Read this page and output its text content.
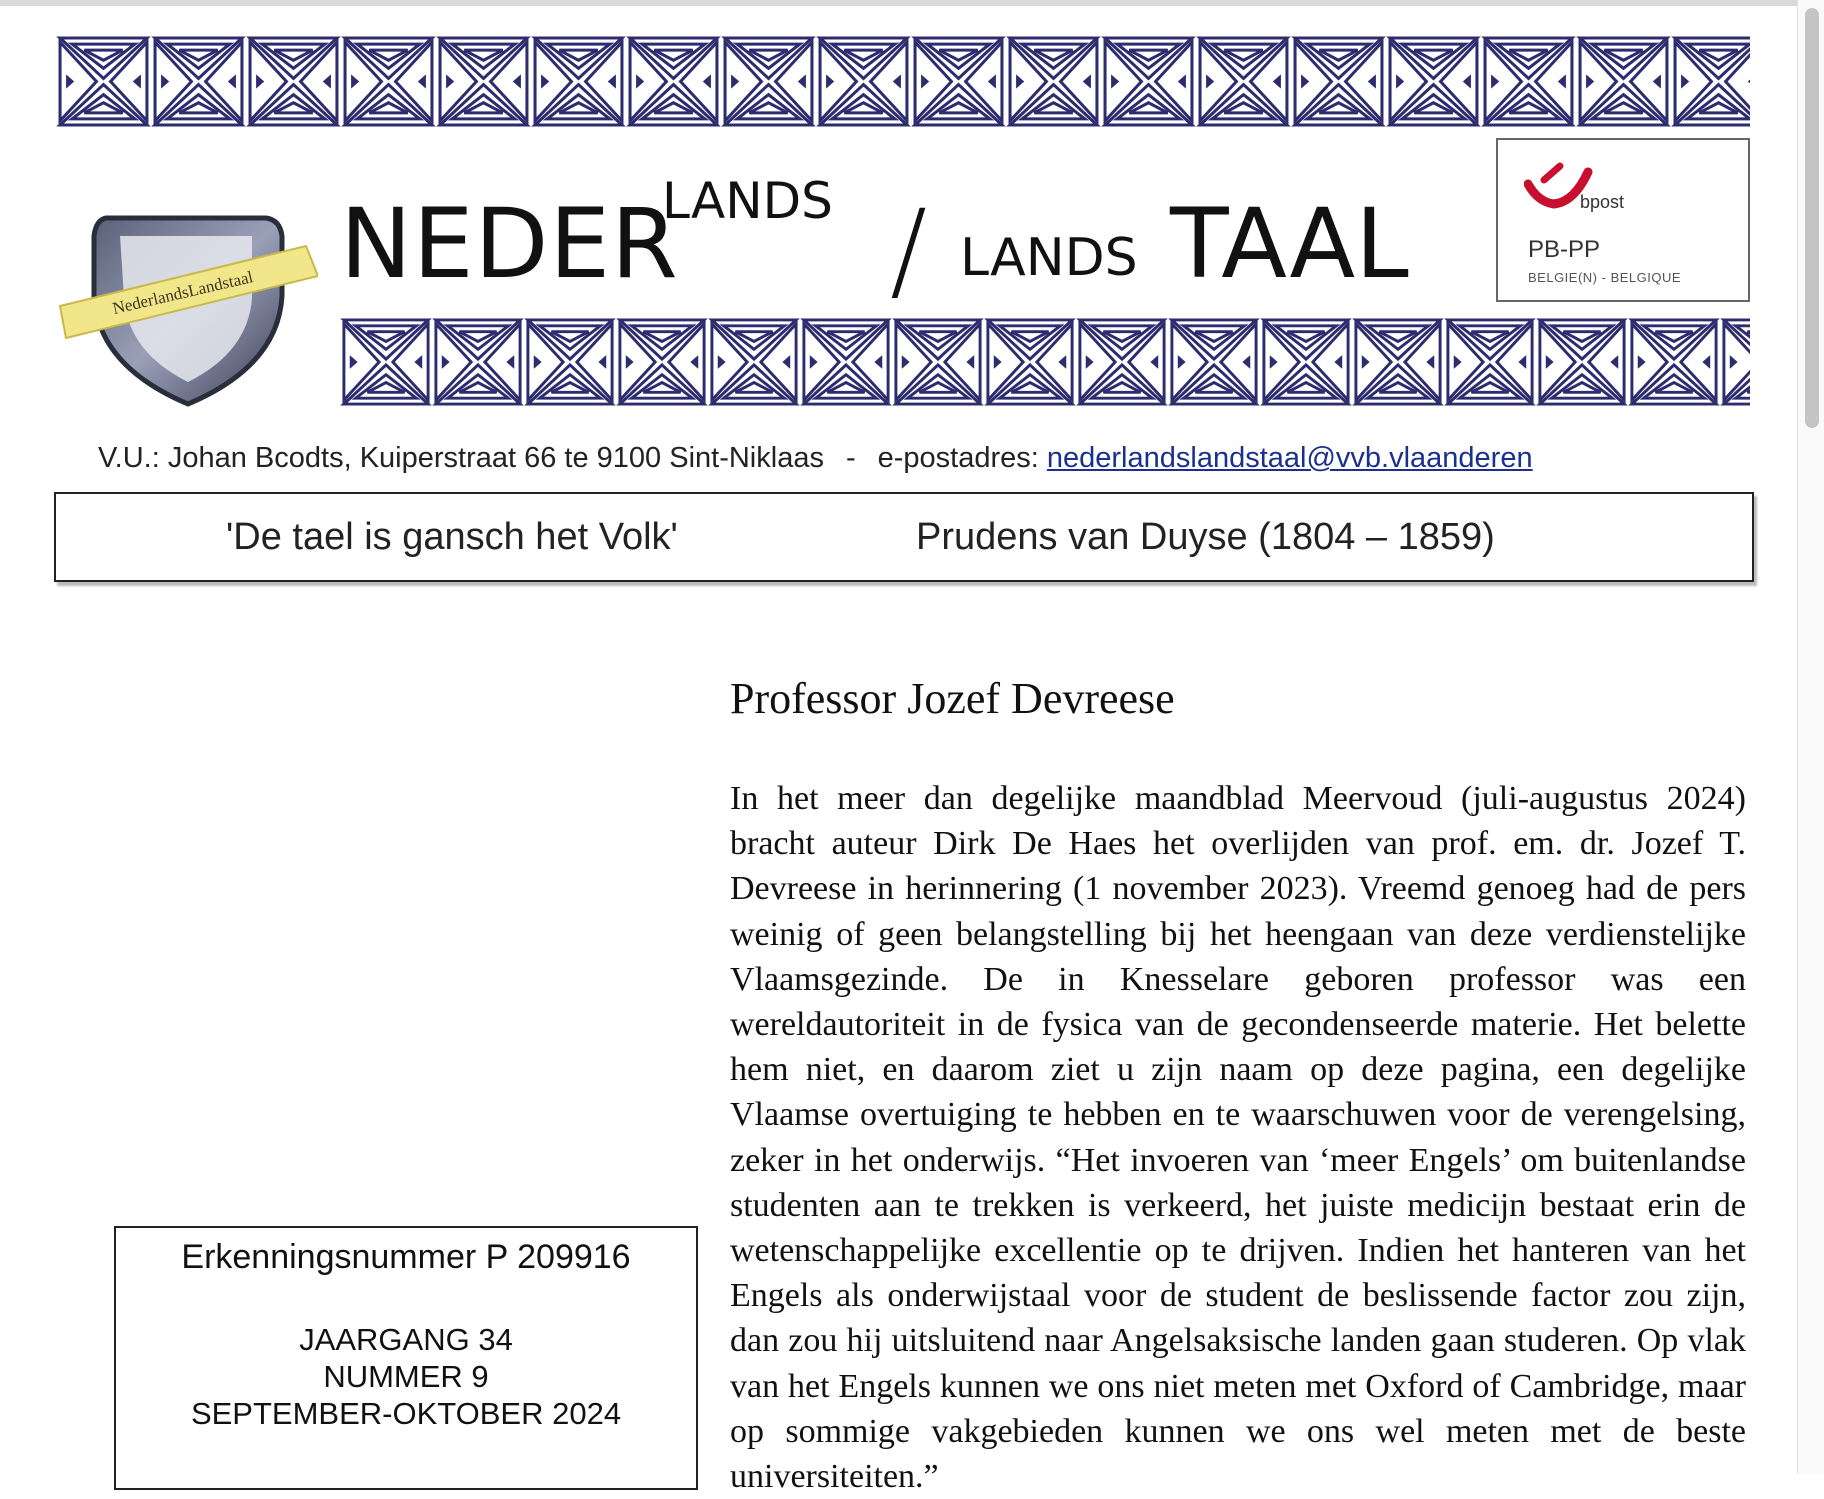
NederlandsLandstaal NEDER
LANDS / LANDS TAAL	bpost
PB-PP
BELGIE(N) - BELGIQUE
V.U.: Johan Bcodts, Kuiperstraat 66 te 9100 Sint-Niklaas - e-postadres: nederlandslandstaal@vvb.vlaanderen
'De tael is gansch het Volk'	Prudens van Duyse (1804 – 1859)
Professor Jozef Devreese
In het meer dan degelijke maandblad Meervoud (juli-augustus 2024) bracht auteur Dirk De Haes het overlijden van prof. em. dr. Jozef T. Devreese in herinnering (1 november 2023). Vreemd genoeg had de pers weinig of geen belangstelling bij het heengaan van deze verdienstelijke Vlaamsgezinde. De in Knesselare geboren professor was een wereldautoriteit in de fysica van de gecondenseerde materie. Het belette hem niet, en daarom ziet u zijn naam op deze pagina, een degelijke Vlaamse overtuiging te hebben en te waarschuwen voor de verengelsing, zeker in het onderwijs. “Het invoeren van ‘meer Engels’ om buitenlandse studenten aan te trekken is verkeerd, het juiste medicijn bestaat erin de wetenschappelijke excellentie op te drijven. Indien het hanteren van het Engels als onderwijstaal voor de student de beslissende factor zou zijn, dan zou hij uitsluitend naar Angelsaksische landen gaan studeren. Op vlak van het Engels kunnen we ons niet meten met Oxford of Cambridge, maar op sommige vakgebieden kunnen we ons wel meten met de beste universiteiten.”
Erkenningsnummer P 209916
JAARGANG 34
NUMMER 9
SEPTEMBER-OKTOBER 2024
